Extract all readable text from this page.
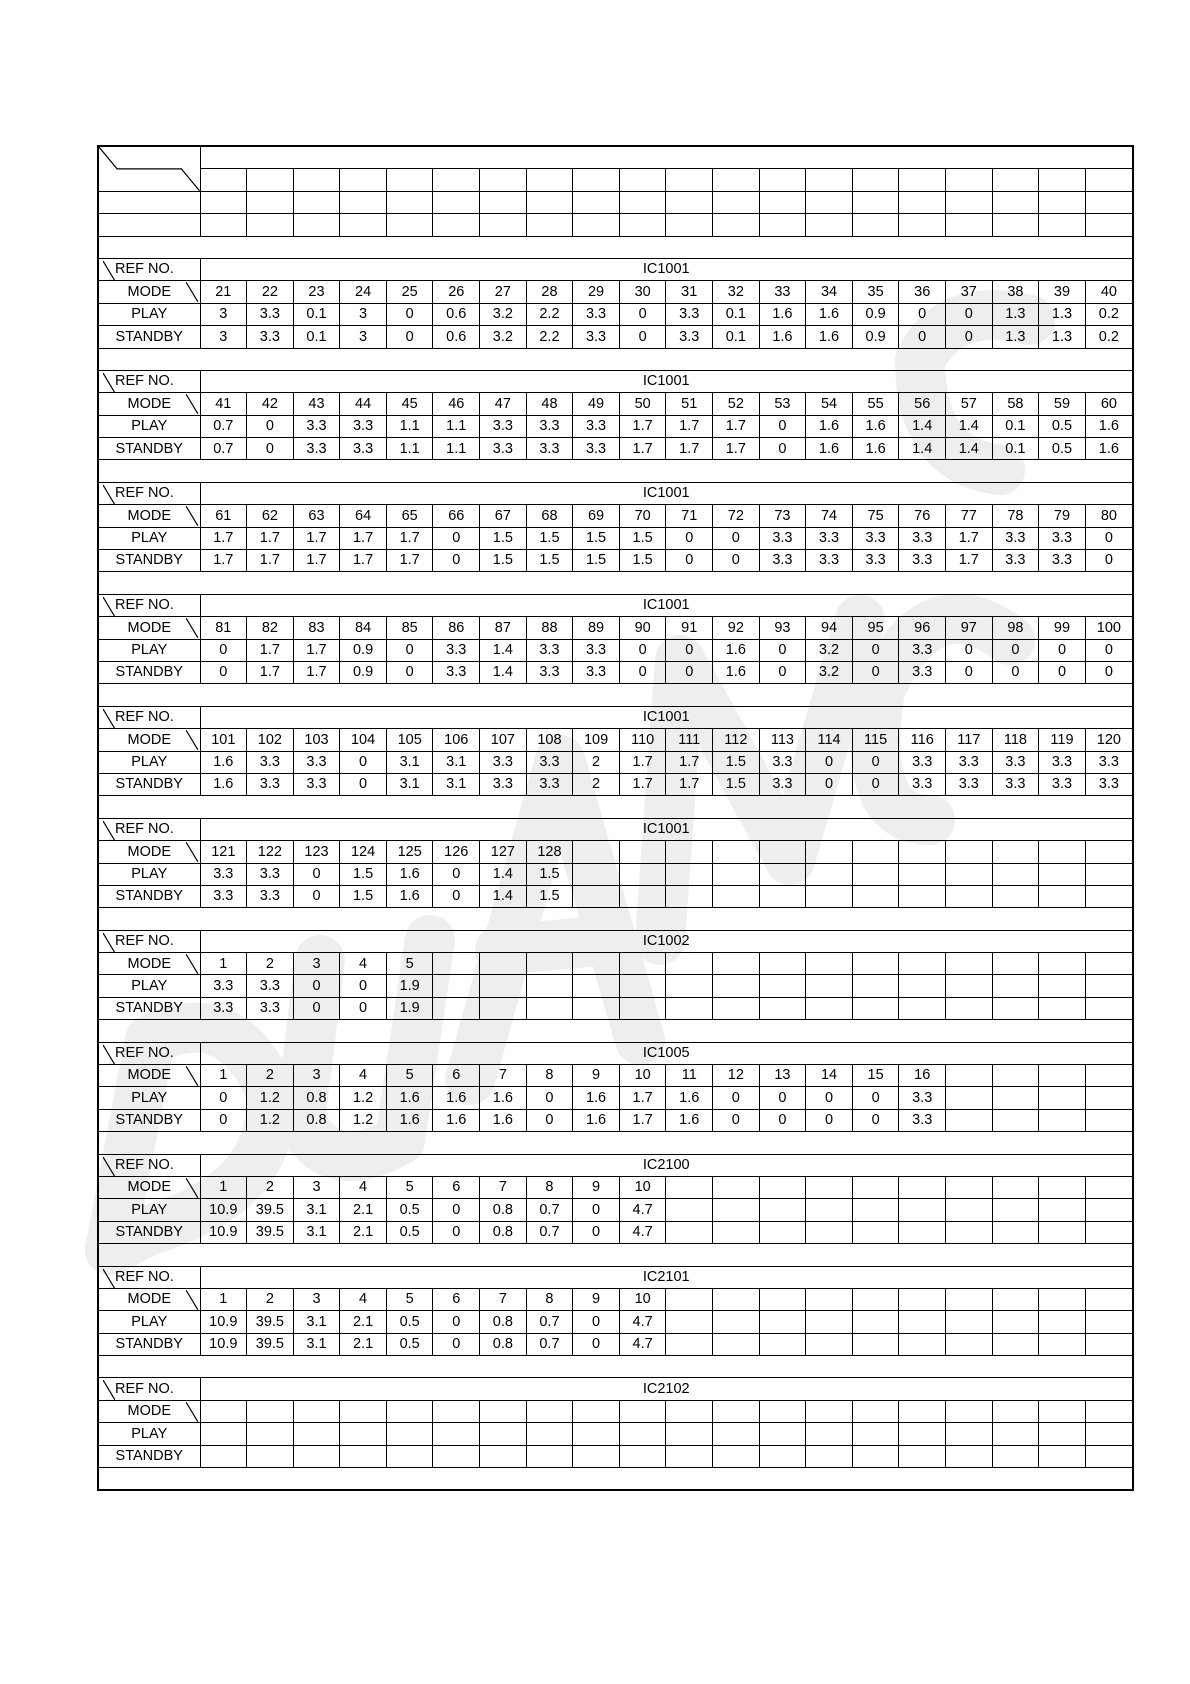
REF NO.	IC1001																			

MODE	21	22	23	24	25	26	27	28	29	30	31	32	33	34	35	36	37	38	39	40
PLAY	3	3.3	0.1	3	0	0.6	3.2	2.2	3.3	0	3.3	0.1	1.6	1.6	0.9	0	0	1.3	1.3	0.2
STANDBY	3	3.3	0.1	3	0	0.6	3.2	2.2	3.3	0	3.3	0.1	1.6	1.6	0.9	0	0	1.3	1.3	0.2

REF NO.	IC1001																			

MODE	41	42	43	44	45	46	47	48	49	50	51	52	53	54	55	56	57	58	59	60
PLAY	0.7	0	3.3	3.3	1.1	1.1	3.3	3.3	3.3	1.7	1.7	1.7	0	1.6	1.6	1.4	1.4	0.1	0.5	1.6
STANDBY	0.7	0	3.3	3.3	1.1	1.1	3.3	3.3	3.3	1.7	1.7	1.7	0	1.6	1.6	1.4	1.4	0.1	0.5	1.6

REF NO.	IC1001																			

MODE	61	62	63	64	65	66	67	68	69	70	71	72	73	74	75	76	77	78	79	80
PLAY	1.7	1.7	1.7	1.7	1.7	0	1.5	1.5	1.5	1.5	0	0	3.3	3.3	3.3	3.3	1.7	3.3	3.3	0
STANDBY	1.7	1.7	1.7	1.7	1.7	0	1.5	1.5	1.5	1.5	0	0	3.3	3.3	3.3	3.3	1.7	3.3	3.3	0

REF NO.	IC1001																			

MODE	81	82	83	84	85	86	87	88	89	90	91	92	93	94	95	96	97	98	99	100
PLAY	0	1.7	1.7	0.9	0	3.3	1.4	3.3	3.3	0	0	1.6	0	3.2	0	3.3	0	0	0	0
STANDBY	0	1.7	1.7	0.9	0	3.3	1.4	3.3	3.3	0	0	1.6	0	3.2	0	3.3	0	0	0	0

REF NO.	IC1001																			

MODE	101	102	103	104	105	106	107	108	109	110	111	112	113	114	115	116	117	118	119	120
PLAY	1.6	3.3	3.3	0	3.1	3.1	3.3	3.3	2	1.7	1.7	1.5	3.3	0	0	3.3	3.3	3.3	3.3	3.3
STANDBY	1.6	3.3	3.3	0	3.1	3.1	3.3	3.3	2	1.7	1.7	1.5	3.3	0	0	3.3	3.3	3.3	3.3	3.3

REF NO.	IC1001																			

MODE	121	122	123	124	125	126	127	128												
PLAY	3.3	3.3	0	1.5	1.6	0	1.4	1.5												
STANDBY	3.3	3.3	0	1.5	1.6	0	1.4	1.5												

REF NO.	IC1002																			

MODE	1	2	3	4	5															
PLAY	3.3	3.3	0	0	1.9															
STANDBY	3.3	3.3	0	0	1.9															

REF NO.	IC1005																			

MODE	1	2	3	4	5	6	7	8	9	10	11	12	13	14	15	16				
PLAY	0	1.2	0.8	1.2	1.6	1.6	1.6	0	1.6	1.7	1.6	0	0	0	0	3.3				
STANDBY	0	1.2	0.8	1.2	1.6	1.6	1.6	0	1.6	1.7	1.6	0	0	0	0	3.3				

REF NO.	IC2100																			

MODE	1	2	3	4	5	6	7	8	9	10										
PLAY	10.9	39.5	3.1	2.1	0.5	0	0.8	0.7	0	4.7										
STANDBY	10.9	39.5	3.1	2.1	0.5	0	0.8	0.7	0	4.7										

REF NO.	IC2101																			

MODE	1	2	3	4	5	6	7	8	9	10										
PLAY	10.9	39.5	3.1	2.1	0.5	0	0.8	0.7	0	4.7										
STANDBY	10.9	39.5	3.1	2.1	0.5	0	0.8	0.7	0	4.7										

REF NO.	IC2102																			

MODE																				
PLAY																				
STANDBY																				
